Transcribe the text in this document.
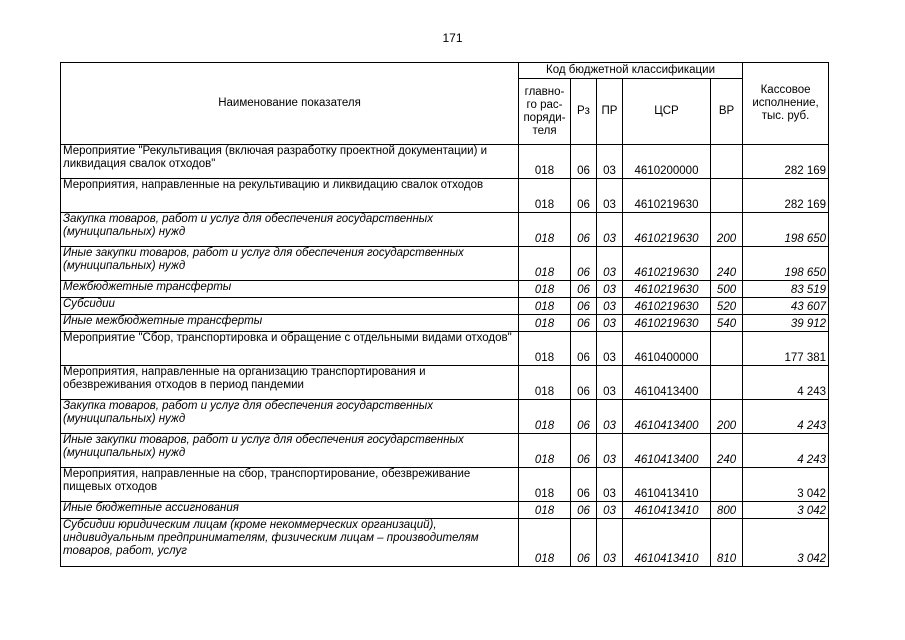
171
Наименование показателя	Код бюджетной классификации					Кассовое исполнение, тыс. руб.
	главно-го рас-поряди-теля	Рз	ПР	ЦСР	ВР	
Мероприятие "Рекультивация (включая разработку проектной документации) и ликвидация свалок отходов"	018	06	03	4610200000		282 169
Мероприятия, направленные на рекультивацию и ликвидацию свалок отходов	018	06	03	4610219630		282 169
Закупка товаров, работ и услуг для обеспечения государственных (муниципальных) нужд	018	06	03	4610219630	200	198 650
Иные закупки товаров, работ и услуг для обеспечения государственных (муниципальных) нужд	018	06	03	4610219630	240	198 650
Межбюджетные трансферты	018	06	03	4610219630	500	83 519
Субсидии	018	06	03	4610219630	520	43 607
Иные межбюджетные трансферты	018	06	03	4610219630	540	39 912
Мероприятие "Сбор, транспортировка и обращение с отдельными видами отходов"	018	06	03	4610400000		177 381
Мероприятия, направленные на организацию транспортирования и обезвреживания отходов в период пандемии	018	06	03	4610413400		4 243
Закупка товаров, работ и услуг для обеспечения государственных (муниципальных) нужд	018	06	03	4610413400	200	4 243
Иные закупки товаров, работ и услуг для обеспечения государственных (муниципальных) нужд	018	06	03	4610413400	240	4 243
Мероприятия, направленные на сбор, транспортирование, обезвреживание пищевых отходов	018	06	03	4610413410		3 042
Иные бюджетные ассигнования	018	06	03	4610413410	800	3 042
Субсидии юридическим лицам (кроме некоммерческих организаций), индивидуальным предпринимателям, физическим лицам – производителям товаров, работ, услуг	018	06	03	4610413410	810	3 042
